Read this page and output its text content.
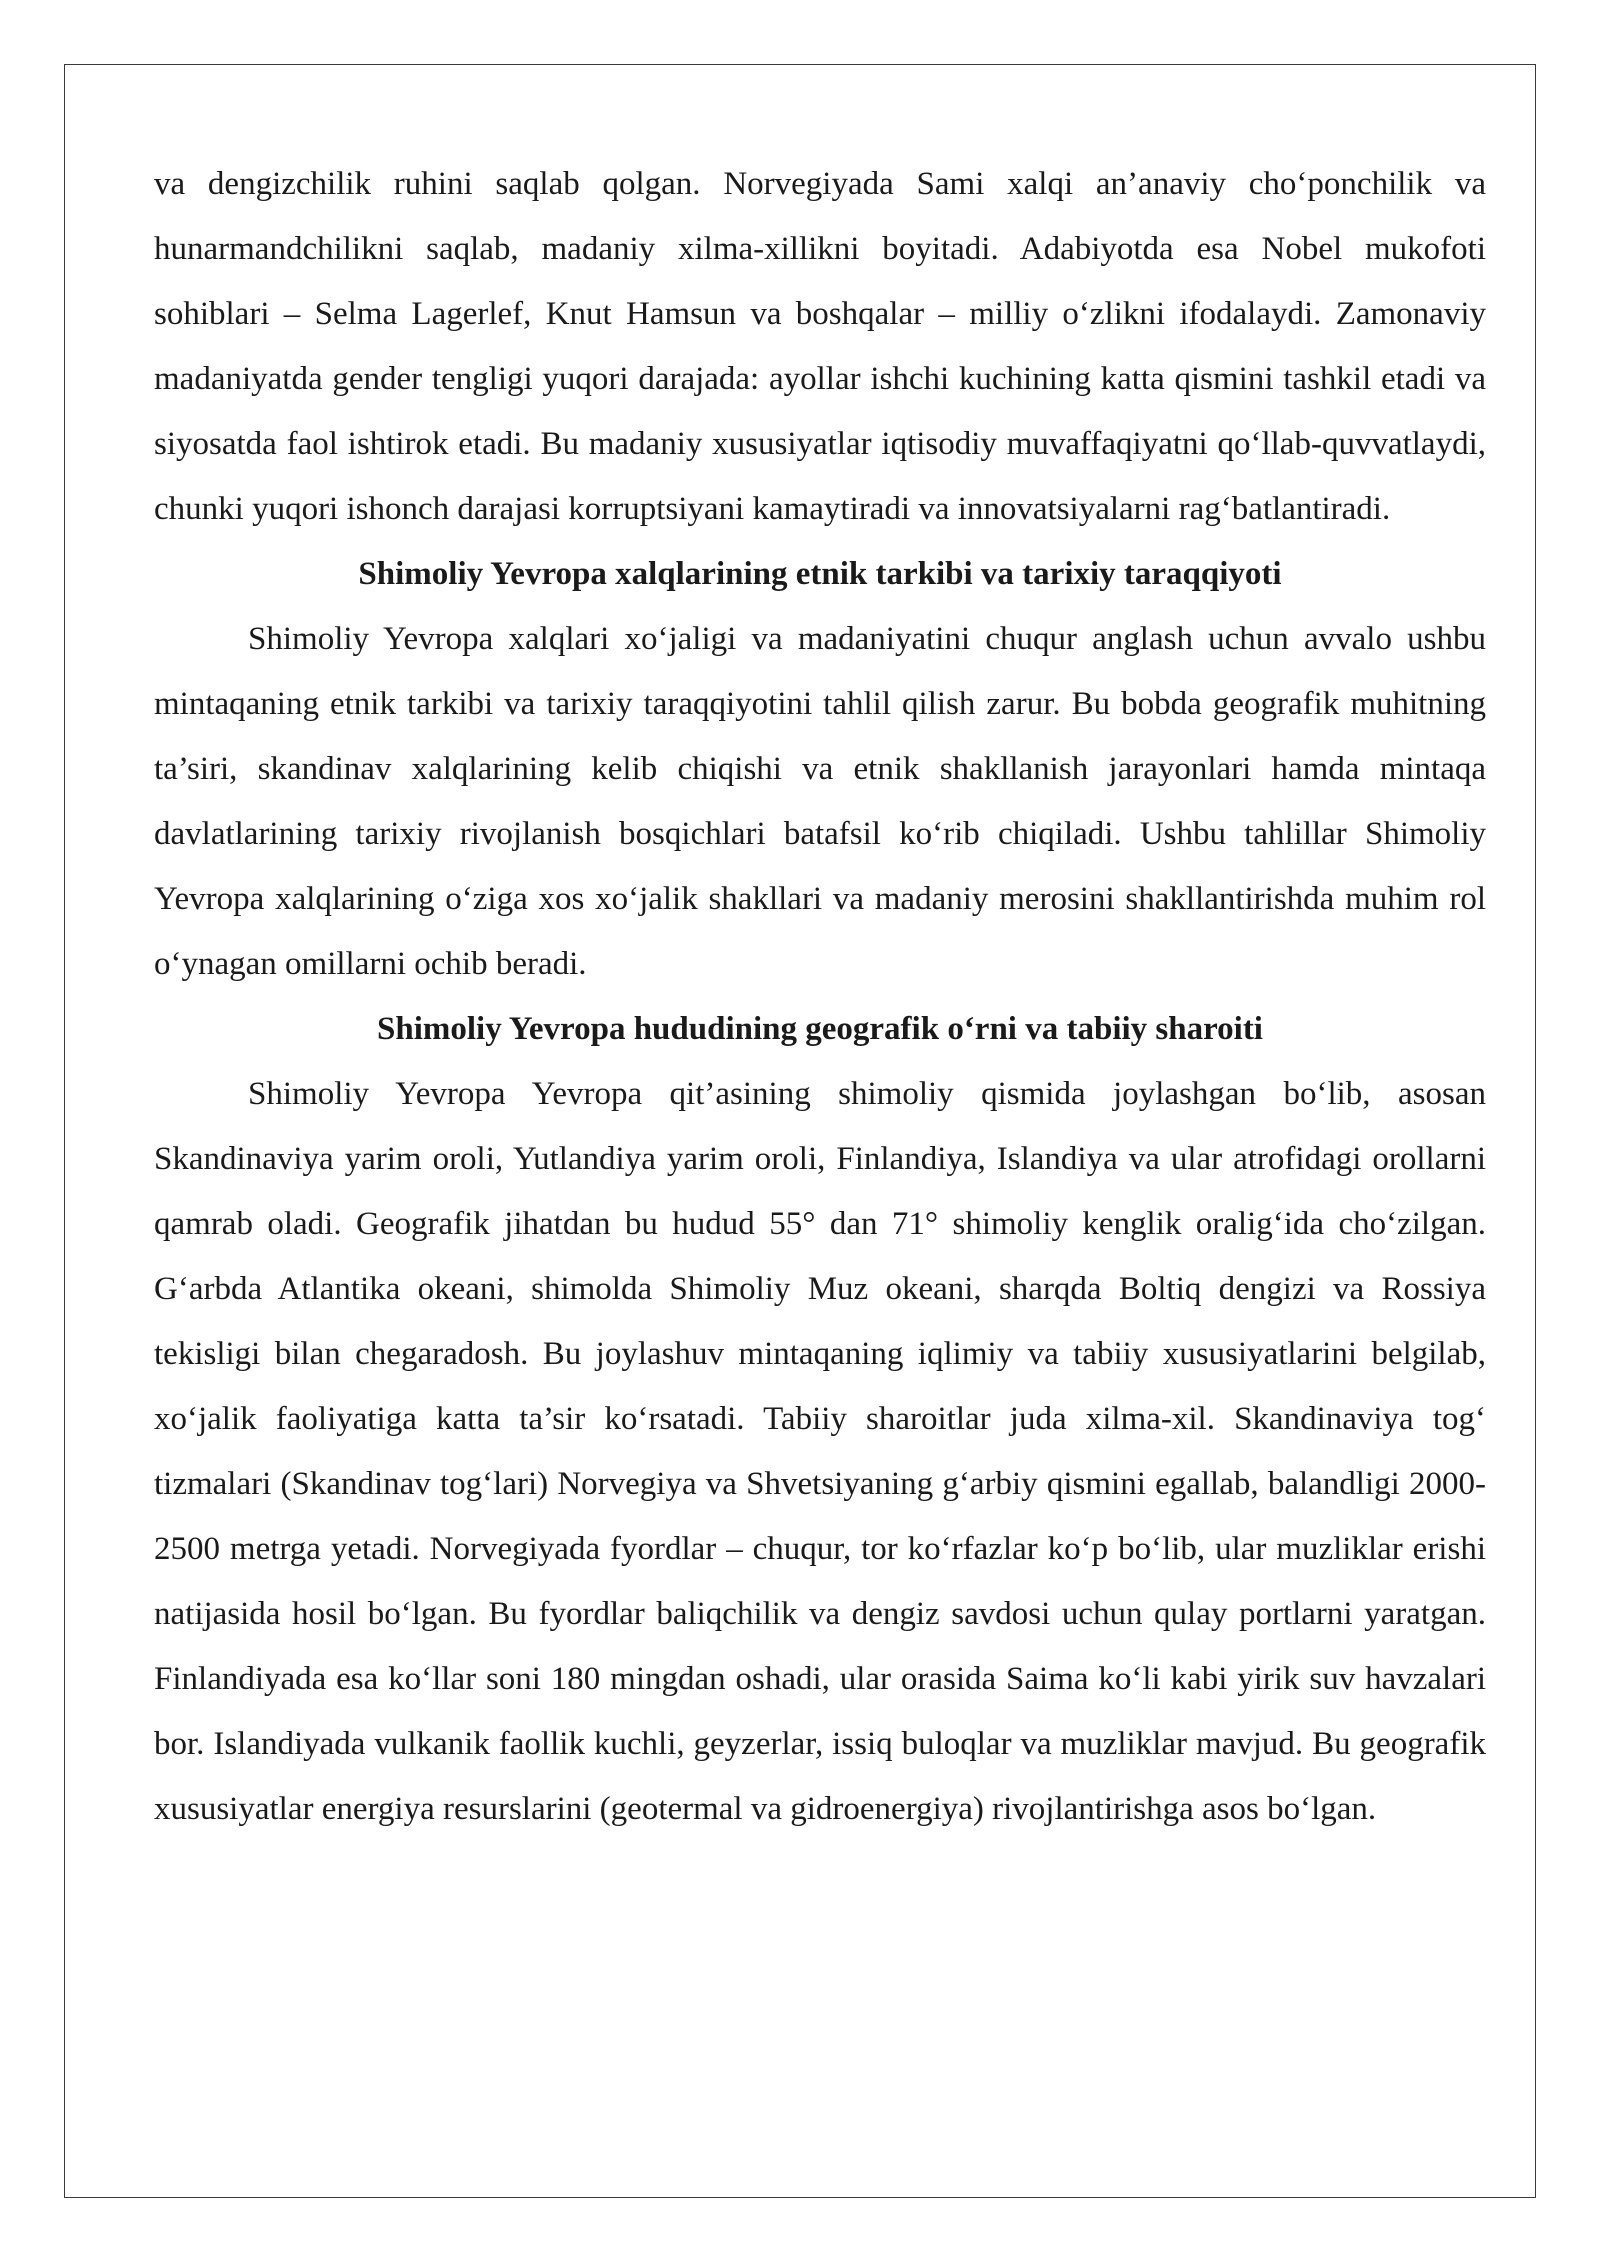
va dengizchilik ruhini saqlab qolgan. Norvegiyada Sami xalqi an’anaviy cho‘ponchilik va hunarmandchilikni saqlab, madaniy xilma-xillikni boyitadi. Adabiyotda esa Nobel mukofoti sohiblari – Selma Lagerlef, Knut Hamsun va boshqalar – milliy o‘zlikni ifodalaydi. Zamonaviy madaniyatda gender tengligi yuqori darajada: ayollar ishchi kuchining katta qismini tashkil etadi va siyosatda faol ishtirok etadi. Bu madaniy xususiyatlar iqtisodiy muvaffaqiyatni qo‘llab-quvvatlaydi, chunki yuqori ishonch darajasi korruptsiyani kamaytiradi va innovatsiyalarni rag‘batlantiradi.

Shimoliy Yevropa xalqlarining etnik tarkibi va tarixiy taraqqiyoti

Shimoliy Yevropa xalqlari xo‘jaligi va madaniyatini chuqur anglash uchun avvalo ushbu mintaqaning etnik tarkibi va tarixiy taraqqiyotini tahlil qilish zarur. Bu bobda geografik muhitning ta’siri, skandinav xalqlarining kelib chiqishi va etnik shakllanish jarayonlari hamda mintaqa davlatlarining tarixiy rivojlanish bosqichlari batafsil ko‘rib chiqiladi. Ushbu tahlillar Shimoliy Yevropa xalqlarining o‘ziga xos xo‘jalik shakllari va madaniy merosini shakllantirishda muhim rol o‘ynagan omillarni ochib beradi.

Shimoliy Yevropa hududining geografik o‘rni va tabiiy sharoiti

Shimoliy Yevropa Yevropa qit’asining shimoliy qismida joylashgan bo‘lib, asosan Skandinaviya yarim oroli, Yutlandiya yarim oroli, Finlandiya, Islandiya va ular atrofidagi orollarni qamrab oladi. Geografik jihatdan bu hudud 55° dan 71° shimoliy kenglik oralig‘ida cho‘zilgan. G‘arbda Atlantika okeani, shimolda Shimoliy Muz okeani, sharqda Boltiq dengizi va Rossiya tekisligi bilan chegaradosh. Bu joylashuv mintaqaning iqlimiy va tabiiy xususiyatlarini belgilab, xo‘jalik faoliyatiga katta ta’sir ko‘rsatadi. Tabiiy sharoitlar juda xilma-xil. Skandinaviya tog‘ tizmalari (Skandinav tog‘lari) Norvegiya va Shvetsiyaning g‘arbiy qismini egallab, balandligi 2000-2500 metrga yetadi. Norvegiyada fyordlar – chuqur, tor ko‘rfazlar ko‘p bo‘lib, ular muzliklar erishi natijasida hosil bo‘lgan. Bu fyordlar baliqchilik va dengiz savdosi uchun qulay portlarni yaratgan. Finlandiyada esa ko‘llar soni 180 mingdan oshadi, ular orasida Saima ko‘li kabi yirik suv havzalari bor. Islandiyada vulkanik faollik kuchli, geyzerlar, issiq buloqlar va muzliklar mavjud. Bu geografik xususiyatlar energiya resurslarini (geotermal va gidroenergiya) rivojlantirishga asos bo‘lgan.
